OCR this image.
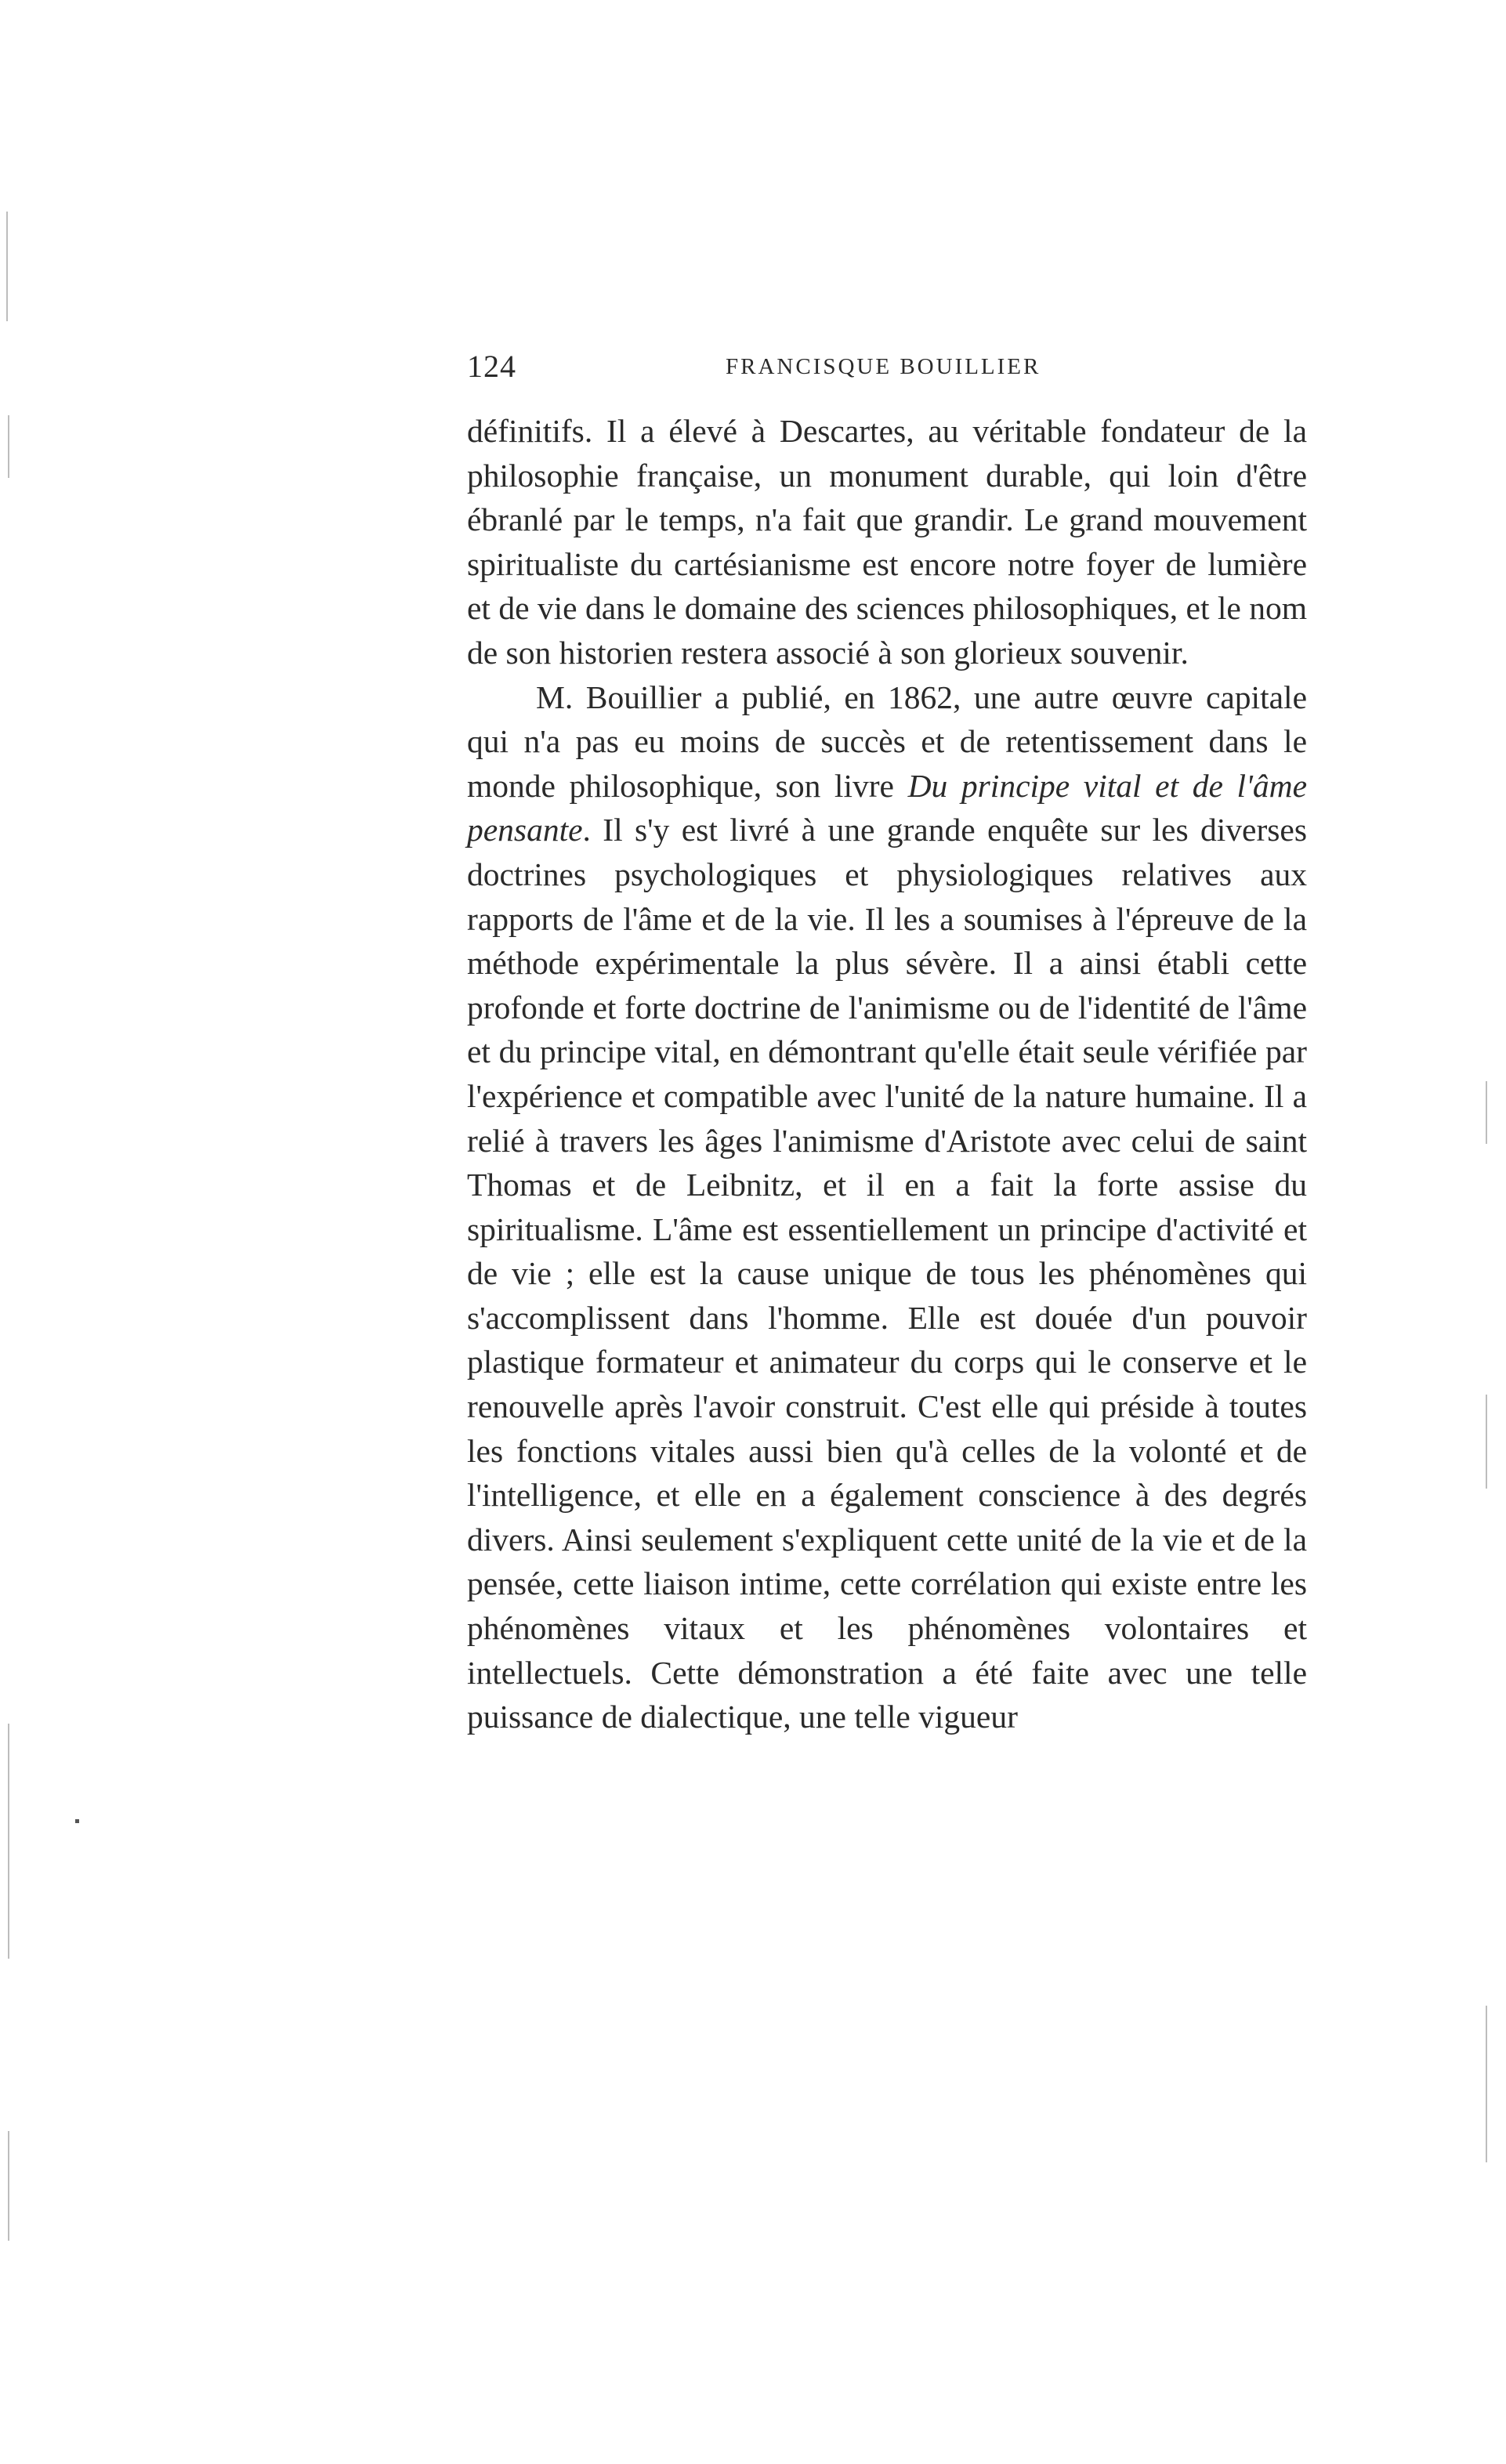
124	FRANCISQUE BOUILLIER

définitifs. Il a élevé à Descartes, au véritable fondateur de la philosophie française, un monument durable, qui loin d'être ébranlé par le temps, n'a fait que grandir. Le grand mouvement spiritualiste du cartésianisme est encore notre foyer de lumière et de vie dans le domaine des sciences philosophiques, et le nom de son historien restera associé à son glorieux souvenir.

M. Bouillier a publié, en 1862, une autre œuvre capitale qui n'a pas eu moins de succès et de retentissement dans le monde philosophique, son livre Du principe vital et de l'âme pensante. Il s'y est livré à une grande enquête sur les diverses doctrines psychologiques et physiologiques relatives aux rapports de l'âme et de la vie. Il les a soumises à l'épreuve de la méthode expérimentale la plus sévère. Il a ainsi établi cette profonde et forte doctrine de l'animisme ou de l'identité de l'âme et du principe vital, en démontrant qu'elle était seule vérifiée par l'expérience et compatible avec l'unité de la nature humaine. Il a relié à travers les âges l'animisme d'Aristote avec celui de saint Thomas et de Leibnitz, et il en a fait la forte assise du spiritualisme. L'âme est essentiellement un principe d'activité et de vie ; elle est la cause unique de tous les phénomènes qui s'accomplissent dans l'homme. Elle est douée d'un pouvoir plastique formateur et animateur du corps qui le conserve et le renouvelle après l'avoir construit. C'est elle qui préside à toutes les fonctions vitales aussi bien qu'à celles de la volonté et de l'intelligence, et elle en a également conscience à des degrés divers. Ainsi seulement s'expliquent cette unité de la vie et de la pensée, cette liaison intime, cette corrélation qui existe entre les phénomènes vitaux et les phénomènes volontaires et intellectuels. Cette démonstration a été faite avec une telle puissance de dialectique, une telle vigueur
